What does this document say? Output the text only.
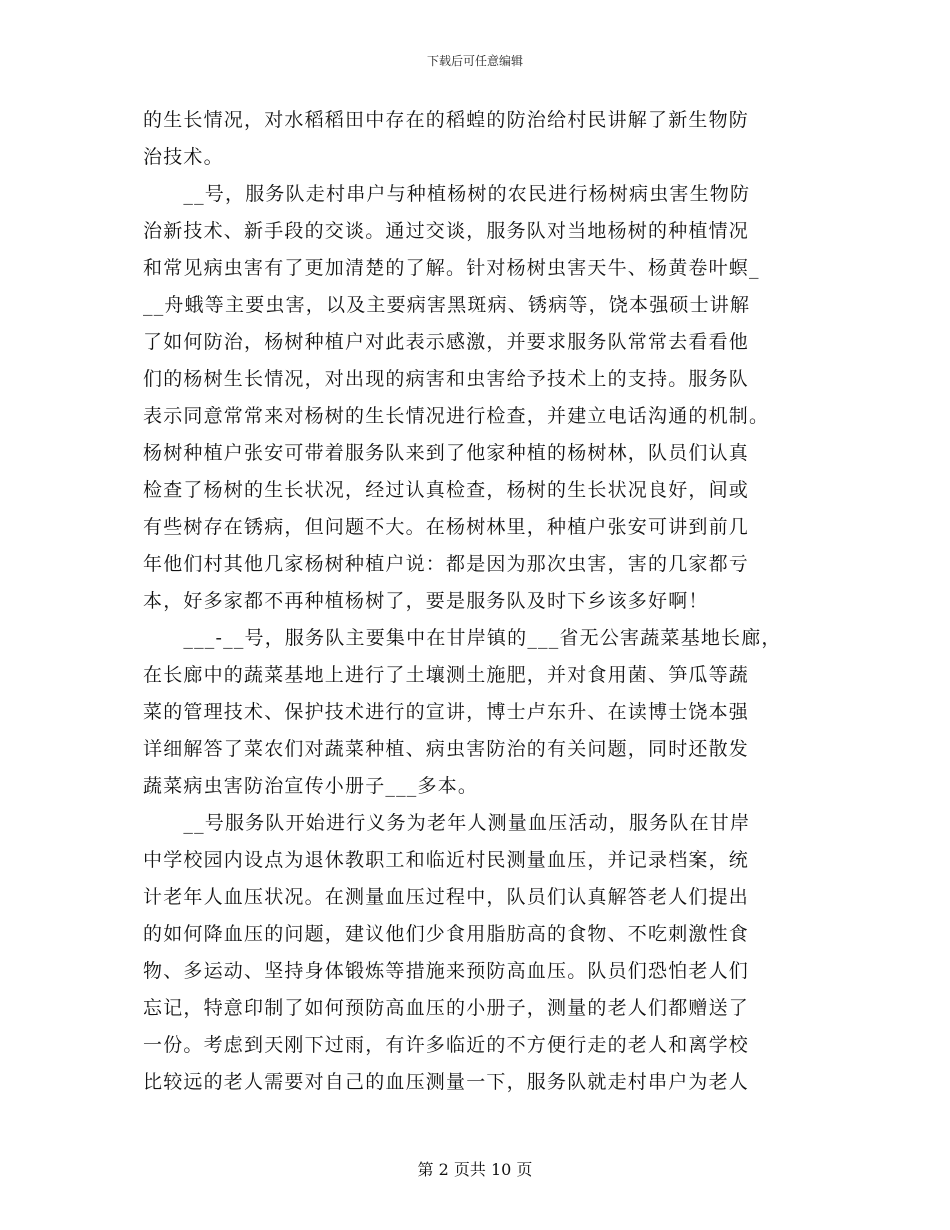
下载后可任意编辑
的生长情况，对水稻稻田中存在的稻蝗的防治给村民讲解了新生物防
治技术。
　　__号，服务队走村串户与种植杨树的农民进行杨树病虫害生物防
治新技术、新手段的交谈。通过交谈，服务队对当地杨树的种植情况
和常见病虫害有了更加清楚的了解。针对杨树虫害天牛、杨黄卷叶螟_
__舟蛾等主要虫害，以及主要病害黑斑病、锈病等，饶本强硕士讲解
了如何防治，杨树种植户对此表示感激，并要求服务队常常去看看他
们的杨树生长情况，对出现的病害和虫害给予技术上的支持。服务队
表示同意常常来对杨树的生长情况进行检查，并建立电话沟通的机制。
杨树种植户张安可带着服务队来到了他家种植的杨树林，队员们认真
检查了杨树的生长状况，经过认真检查，杨树的生长状况良好，间或
有些树存在锈病，但问题不大。在杨树林里，种植户张安可讲到前几
年他们村其他几家杨树种植户说：都是因为那次虫害，害的几家都亏
本，好多家都不再种植杨树了，要是服务队及时下乡该多好啊！
　　___-__号，服务队主要集中在甘岸镇的___省无公害蔬菜基地长廊，
在长廊中的蔬菜基地上进行了土壤测土施肥，并对食用菌、笋瓜等蔬
菜的管理技术、保护技术进行的宣讲，博士卢东升、在读博士饶本强
详细解答了菜农们对蔬菜种植、病虫害防治的有关问题，同时还散发
蔬菜病虫害防治宣传小册子___多本。
　　__号服务队开始进行义务为老年人测量血压活动，服务队在甘岸
中学校园内设点为退休教职工和临近村民测量血压，并记录档案，统
计老年人血压状况。在测量血压过程中，队员们认真解答老人们提出
的如何降血压的问题，建议他们少食用脂肪高的食物、不吃刺激性食
物、多运动、坚持身体锻炼等措施来预防高血压。队员们恐怕老人们
忘记，特意印制了如何预防高血压的小册子，测量的老人们都赠送了
一份。考虑到天刚下过雨，有许多临近的不方便行走的老人和离学校
比较远的老人需要对自己的血压测量一下，服务队就走村串户为老人
第 2 页共 10 页
